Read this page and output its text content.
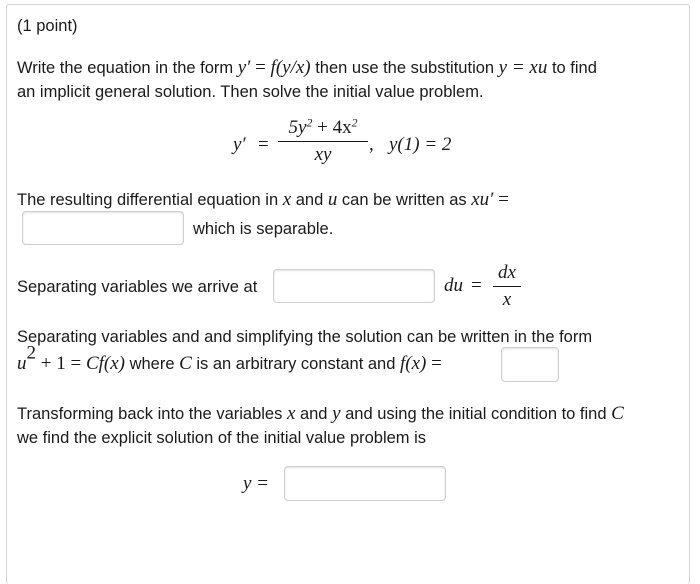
(1 point)
Write the equation in the form y′ = f(y/x) then use the substitution y = xu to find
an implicit general solution. Then solve the initial value problem.
y′ =
$5y^2 + 4x^2$
xy	, y(1) = 2
The resulting differential equation in x and u can be written as xu′ =
which is separable.
Separating variables we arrive at	du =
dx
x
Separating variables and and simplifying the solution can be written in the form
$u^2 + 1 = Cf(x)$ where C is an arbitrary constant and f(x) =
Transforming back into the variables x and y and using the initial condition to find C
we find the explicit solution of the initial value problem is
y =
